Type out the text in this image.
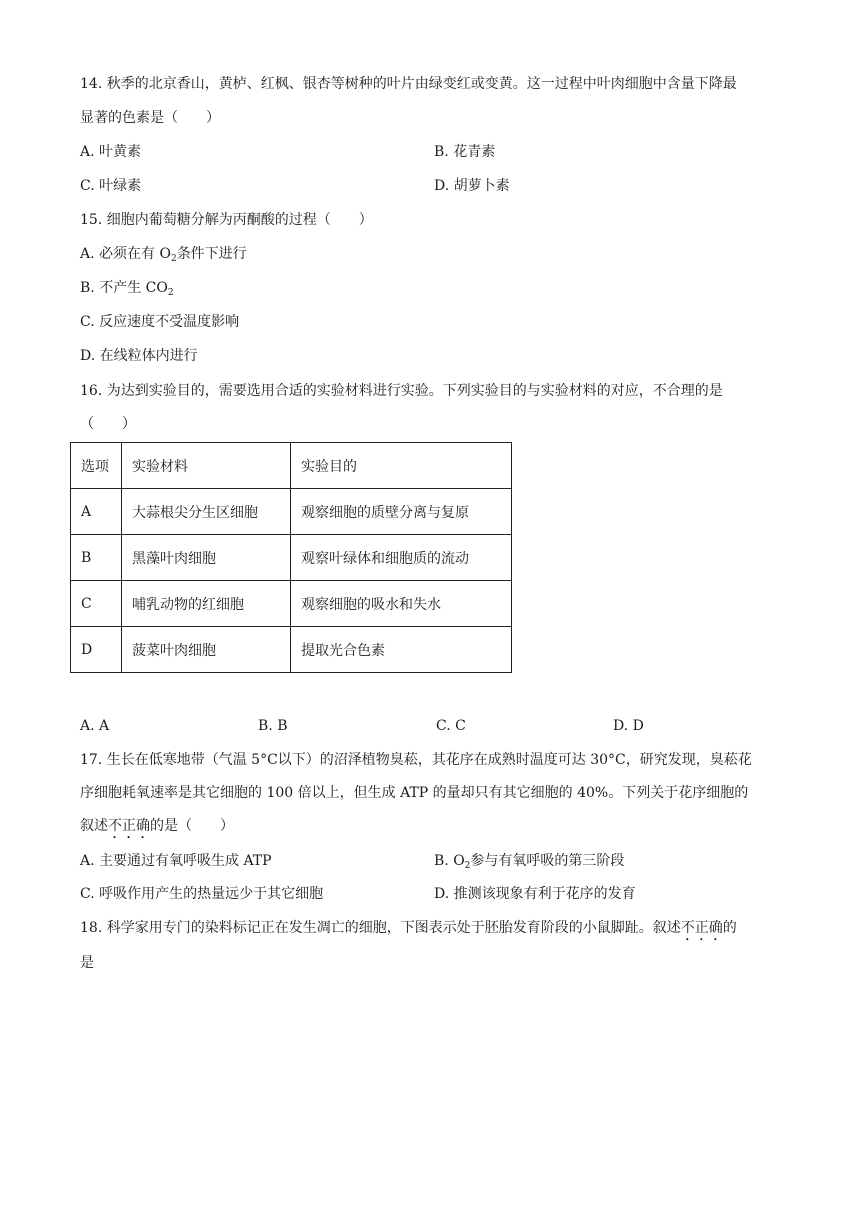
14. 秋季的北京香山，黄栌、红枫、银杏等树种的叶片由绿变红或变黄。这一过程中叶肉细胞中含量下降最
显著的色素是（　　）
A. 叶黄素	B. 花青素
C. 叶绿素	D. 胡萝卜素
15. 细胞内葡萄糖分解为丙酮酸的过程（　　）
A. 必须在有 $O_2$条件下进行
B. 不产生 $CO_2$
C. 反应速度不受温度影响
D. 在线粒体内进行
16. 为达到实验目的，需要选用合适的实验材料进行实验。下列实验目的与实验材料的对应，不合理的是
（　　）
选项	实验材料	实验目的
A	大蒜根尖分生区细胞	观察细胞的质壁分离与复原
B	黑藻叶肉细胞	观察叶绿体和细胞质的流动
C	哺乳动物的红细胞	观察细胞的吸水和失水
D	菠菜叶肉细胞	提取光合色素
A. A	B. B	C. C	D. D
17. 生长在低寒地带（气温 5°C以下）的沼泽植物臭菘，其花序在成熟时温度可达 30°C，研究发现，臭菘花
序细胞耗氧速率是其它细胞的 100 倍以上，但生成 ATP 的量却只有其它细胞的 40%。下列关于花序细胞的
叙述不正确的是（　　）
A. 主要通过有氧呼吸生成 ATP	B. $O_2$参与有氧呼吸的第三阶段
C. 呼吸作用产生的热量远少于其它细胞	D. 推测该现象有利于花序的发育
18. 科学家用专门的染料标记正在发生凋亡的细胞，下图表示处于胚胎发育阶段的小鼠脚趾。叙述不正确的
是
